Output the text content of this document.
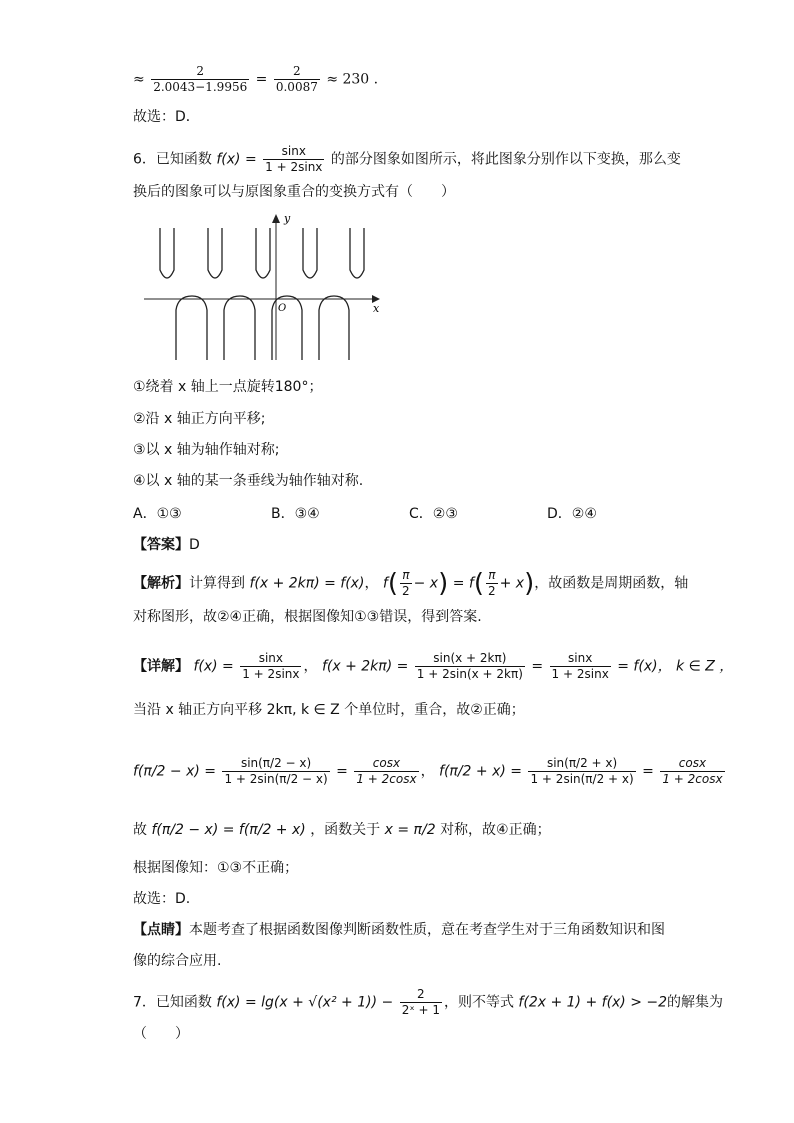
≈ $\frac{2}{2.0043-1.9956} = \frac{2}{0.0087} \approx 230$ .
故选：D．
6．已知函数 $f(x) = \frac{\sin x}{1 + 2\sin x}$ 的部分图象如图所示，将此图象分别作以下变换，那么变
换后的图象可以与原图象重合的变换方式有（　　）
y
x
O
①绕着 x 轴上一点旋转180°；
②沿 x 轴正方向平移;
③以 x 轴为轴作轴对称;
④以 x 轴的某一条垂线为轴作轴对称.
A．①③	B．③④	C．②③	D．②④
【答案】D
【解析】计算得到 f(x + 2kπ) = f(x)， $f( \frac{\pi}{2} - x) = f( \frac{\pi}{2} + x)$，故函数是周期函数，轴
对称图形，故②④正确，根据图像知①③错误，得到答案.
【详解】 $f(x) = \frac{\sin x}{1 + 2\sin x}$ ， $f(x + 2k\pi) = \frac{\sin(x + 2k\pi)}{1 + 2\sin(x + 2k\pi)} = \frac{\sin x}{1 + 2\sin x} = f(x)$， k ∈ Z ，
当沿 x 轴正方向平移 2kπ, k ∈ Z 个单位时，重合，故②正确；
$f(\pi/2 - x) = \frac{\sin(\pi/2 - x)}{1 + 2\sin(\pi/2 - x)} = \frac{\cos x}{1 + 2\cos x}$ ， $f(\pi/2 + x) = \frac{\sin(\pi/2 + x)}{1 + 2\sin(\pi/2 + x)} = \frac{\cos x}{1 + 2\cos x}$
故 f(π/2 − x) = f(π/2 + x) ，函数关于 x = π/2 对称，故④正确；
根据图像知：①③不正确；
故选：D.
【点睛】本题考查了根据函数图像判断函数性质，意在考查学生对于三角函数知识和图
像的综合应用.
7．已知函数 $f(x) = \lg(x + √(x^2 + 1)) - \frac{2}{\text{2ˣ + 1}}$ ，则不等式 f(2x + 1) + f(x) > −2的解集为
（　　）
